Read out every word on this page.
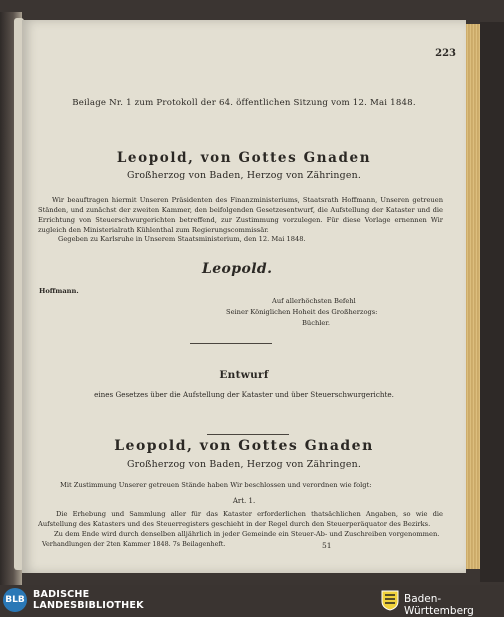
223
Beilage Nr. 1 zum Protokoll der 64. öffentlichen Sitzung vom 12. Mai 1848.
Leopold, von Gottes Gnaden
Großherzog von Baden, Herzog von Zähringen.
Wir beauftragen hiermit Unseren Präsidenten des Finanzministeriums, Staatsrath Hoffmann, Unseren getreuen Ständen, und zunächst der zweiten Kammer, den beifolgenden Gesetzesentwurf, die Aufstellung der Kataster und die Errichtung von Steuerschwurgerichten betreffend, zur Zustimmung vorzulegen. Für diese Vorlage ernennen Wir zugleich den Ministerialrath Kühlenthal zum Regierungscommissär.
Gegeben zu Karlsruhe in Unserem Staatsministerium, den 12. Mai 1848.
Leopold.
Hoffmann.
Auf allerhöchsten Befehl
Seiner Königlichen Hoheit des Großherzogs:
Büchler.
Entwurf
eines Gesetzes über die Aufstellung der Kataster und über Steuerschwurgerichte.
Leopold, von Gottes Gnaden
Großherzog von Baden, Herzog von Zähringen.
Mit Zustimmung Unserer getreuen Stände haben Wir beschlossen und verordnen wie folgt:
Art. 1.
Die Erhebung und Sammlung aller für das Kataster erforderlichen thatsächlichen Angaben, so wie die Aufstellung des Katasters und des Steuerregisters geschieht in der Regel durch den Steuerperäquator des Bezirks.
Zu dem Ende wird durch denselben alljährlich in jeder Gemeinde ein Steuer-Ab- und Zuschreiben vorgenommen.
Verhandlungen der 2ten Kammer 1848. 7s Beilagenheft.	51
BLB BADISCHE
LANDESBIBLIOTHEK
Baden-Württemberg
